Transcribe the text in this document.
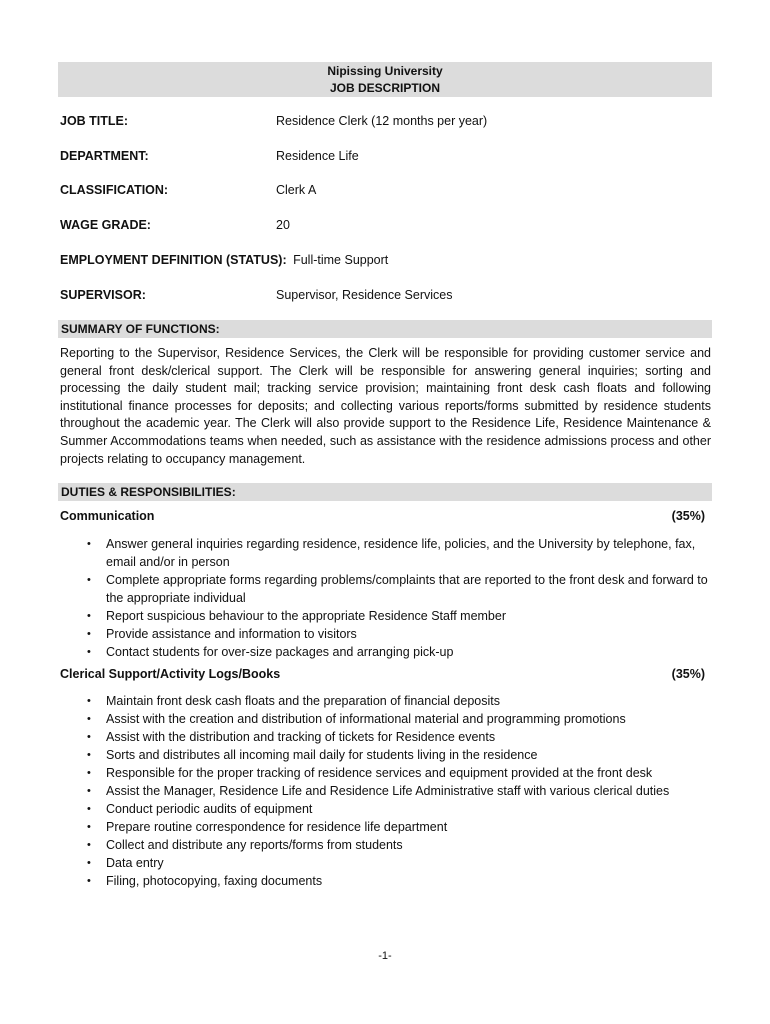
Nipissing University
JOB DESCRIPTION
JOB TITLE:	Residence Clerk (12 months per year)
DEPARTMENT:	Residence Life
CLASSIFICATION:	Clerk A
WAGE GRADE:	20
EMPLOYMENT DEFINITION (STATUS): Full-time Support
SUPERVISOR:	Supervisor, Residence Services
SUMMARY OF FUNCTIONS:
Reporting to the Supervisor, Residence Services, the Clerk will be responsible for providing customer service and general front desk/clerical support. The Clerk will be responsible for answering general inquiries; sorting and processing the daily student mail; tracking service provision; maintaining front desk cash floats and following institutional finance processes for deposits; and collecting various reports/forms submitted by residence students throughout the academic year. The Clerk will also provide support to the Residence Life, Residence Maintenance & Summer Accommodations teams when needed, such as assistance with the residence admissions process and other projects relating to occupancy management.
DUTIES & RESPONSIBILITIES:
Communication	(35%)
• Answer general inquiries regarding residence, residence life, policies, and the University by telephone, fax, email and/or in person
• Complete appropriate forms regarding problems/complaints that are reported to the front desk and forward to the appropriate individual
• Report suspicious behaviour to the appropriate Residence Staff member
• Provide assistance and information to visitors
• Contact students for over-size packages and arranging pick-up
Clerical Support/Activity Logs/Books	(35%)
• Maintain front desk cash floats and the preparation of financial deposits
• Assist with the creation and distribution of informational material and programming promotions
• Assist with the distribution and tracking of tickets for Residence events
• Sorts and distributes all incoming mail daily for students living in the residence
• Responsible for the proper tracking of residence services and equipment provided at the front desk
• Assist the Manager, Residence Life and Residence Life Administrative staff with various clerical duties
• Conduct periodic audits of equipment
• Prepare routine correspondence for residence life department
• Collect and distribute any reports/forms from students
• Data entry
• Filing, photocopying, faxing documents
-1-
